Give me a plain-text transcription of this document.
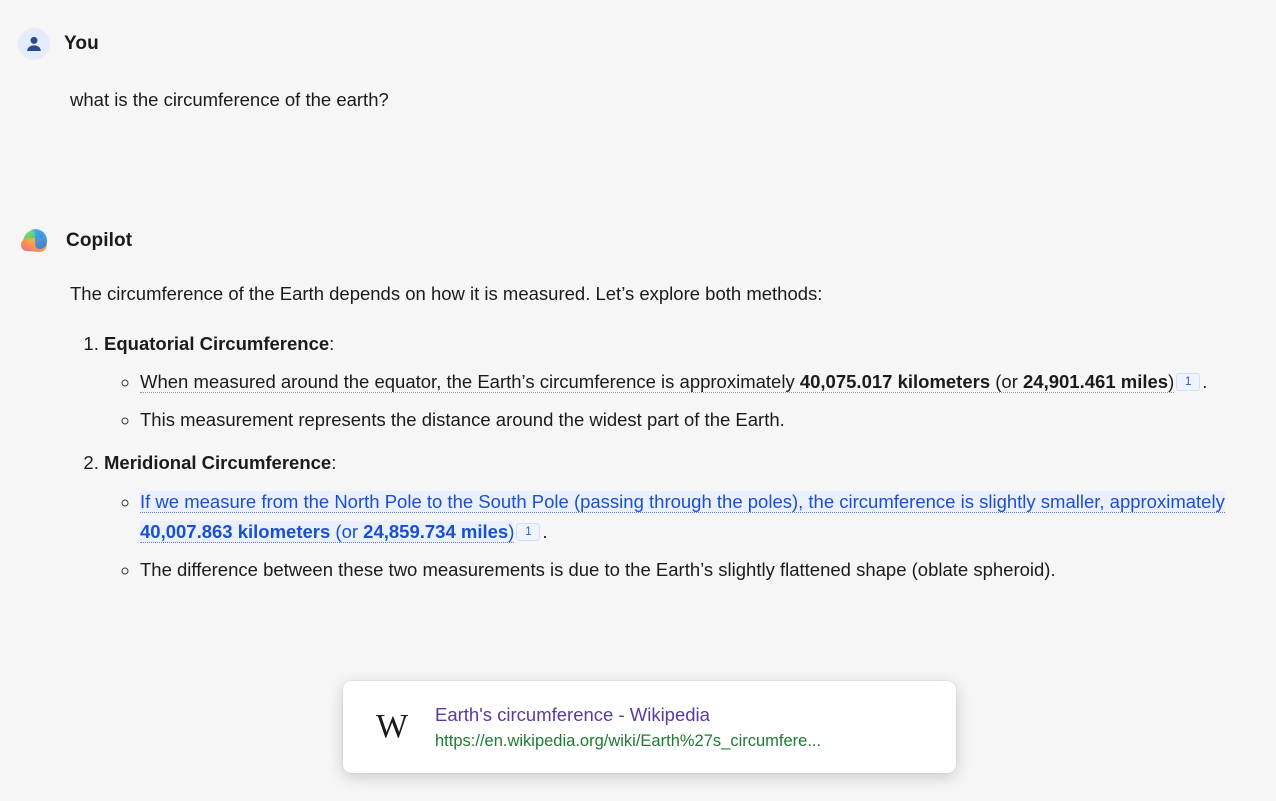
You

what is the circumference of the earth?

Copilot

The circumference of the Earth depends on how it is measured. Let’s explore both methods:

1. Equatorial Circumference:
◦ When measured around the equator, the Earth’s circumference is approximately 40,075.017 kilometers (or 24,901.461 miles) 1 .
◦ This measurement represents the distance around the widest part of the Earth.
2. Meridional Circumference:
◦ If we measure from the North Pole to the South Pole (passing through the poles), the circumference is slightly smaller, approximately 40,007.863 kilometers (or 24,859.734 miles) 1 .
◦ The difference between these two measurements is due to the Earth’s slightly flattened shape (oblate spheroid).
W	Earth's circumference - Wikipedia
https://en.wikipedia.org/wiki/Earth%27s_circumfere...
